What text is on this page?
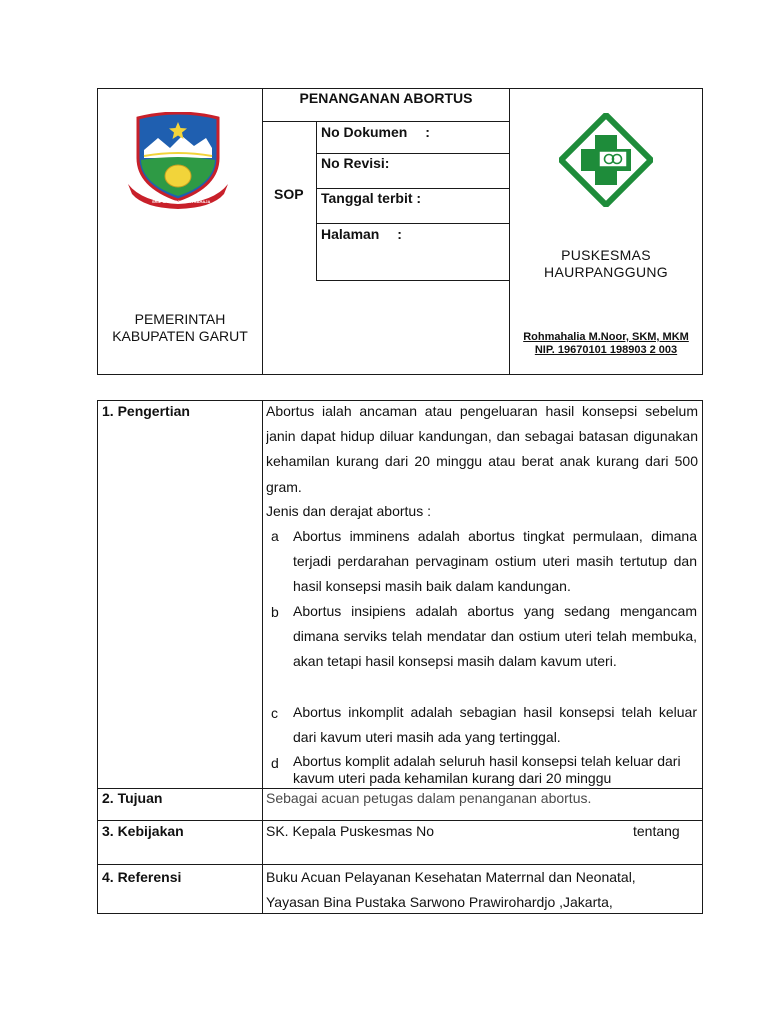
SRIE SAWARGI NATA SAHAJA
PEMERINTAH
KABUPATEN GARUT
PENANGANAN ABORTUS
SOP
No Dokumen :
No Revisi:
Tanggal terbit :
Halaman :
PUSKESMAS
HAURPANGGUNG
Rohmahalia M.Noor, SKM, MKM
NIP. 19670101 198903 2 003
1. Pengertian	Abortus ialah ancaman atau pengeluaran hasil konsepsi sebelum janin dapat hidup diluar kandungan, dan sebagai batasan digunakan kehamilan kurang dari 20 minggu atau berat anak kurang dari 500 gram.
Jenis dan derajat abortus :
a Abortus imminens adalah abortus tingkat permulaan, dimana terjadi perdarahan pervaginam ostium uteri masih tertutup dan hasil konsepsi masih baik dalam kandungan.
b Abortus insipiens adalah abortus yang sedang mengancam dimana serviks telah mendatar dan ostium uteri telah membuka, akan tetapi hasil konsepsi masih dalam kavum uteri.
c Abortus inkomplit adalah sebagian hasil konsepsi telah keluar dari kavum uteri masih ada yang tertinggal.
d Abortus komplit adalah seluruh hasil konsepsi telah keluar dari kavum uteri pada kehamilan kurang dari 20 minggu
2. Tujuan	Sebagai acuan petugas dalam penanganan abortus.
3. Kebijakan	SK. Kepala Puskesmas No	tentang
4. Referensi	Buku Acuan Pelayanan Kesehatan Materrnal dan Neonatal,
Yayasan Bina Pustaka Sarwono Prawirohardjo ,Jakarta,
